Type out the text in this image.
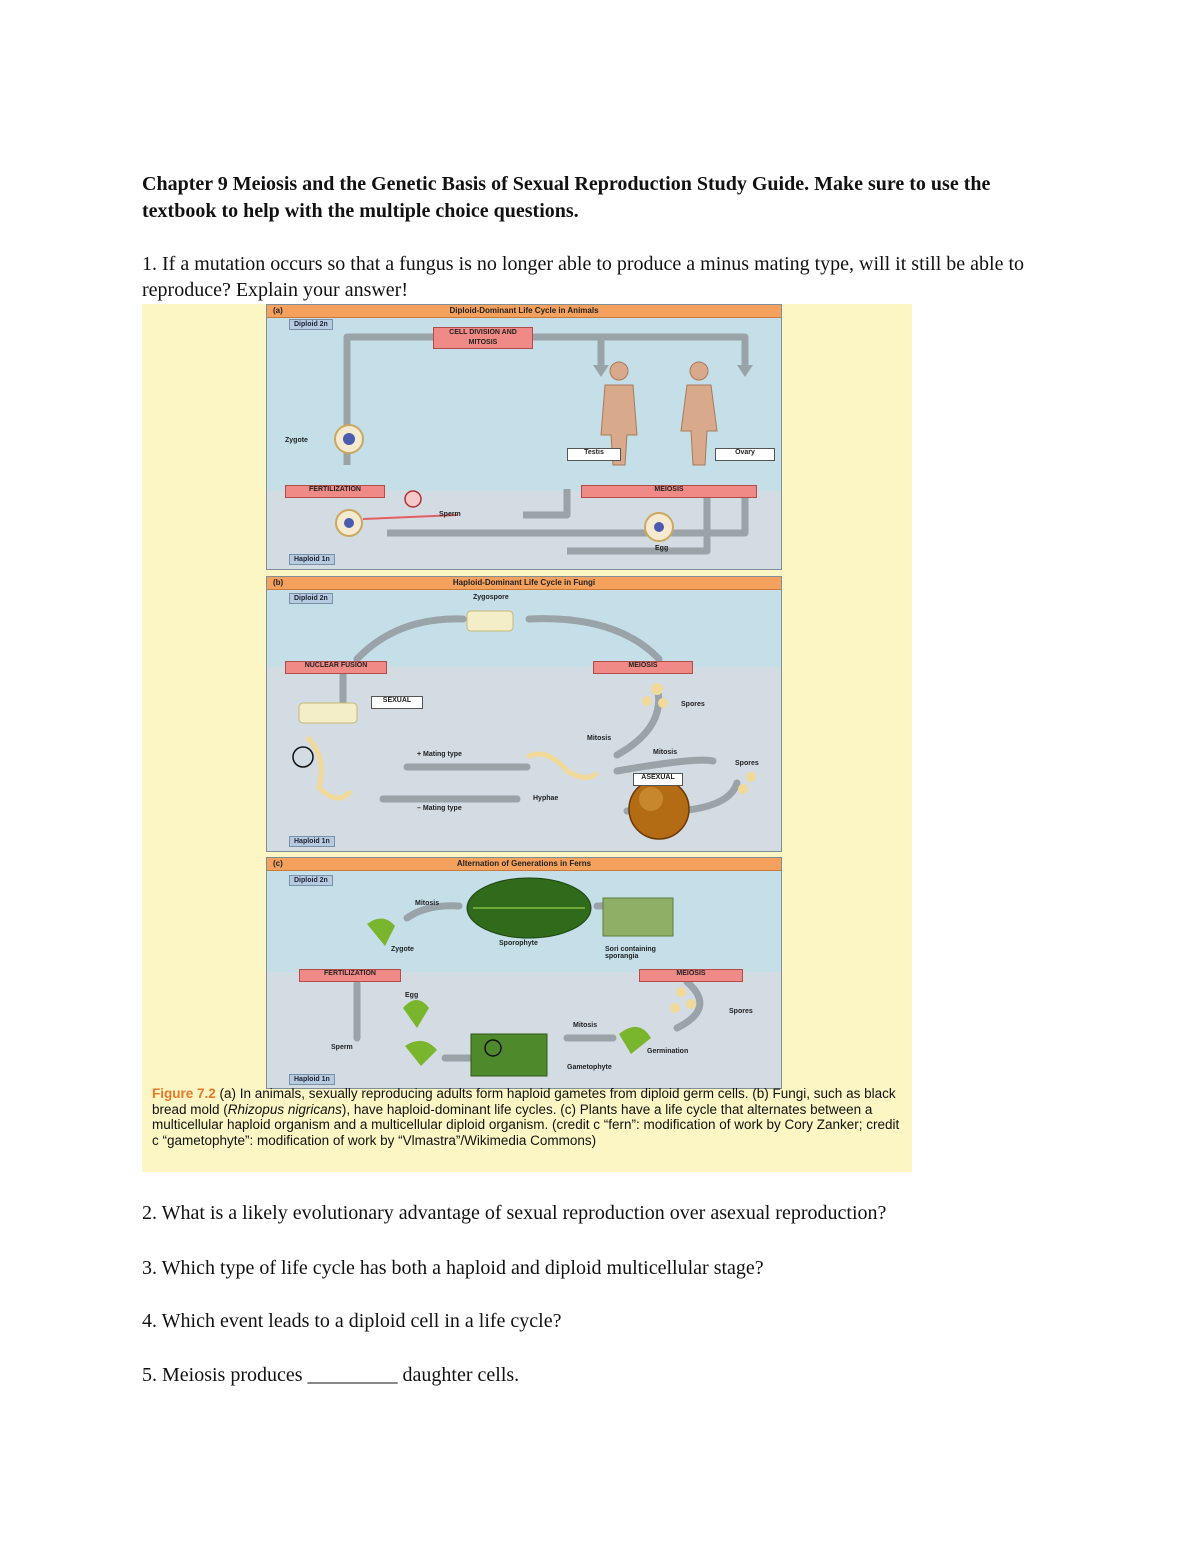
Chapter 9 Meiosis and the Genetic Basis of Sexual Reproduction Study Guide. Make sure to use the textbook to help with the multiple choice questions.
1. If a mutation occurs so that a fungus is no longer able to produce a minus mating type, will it still be able to reproduce? Explain your answer!
(a)	Diploid-Dominant Life Cycle in Animals
Diploid 2n
Haploid 1n
CELL DIVISION AND MITOSIS
Zygote
Testis	Ovary
FERTILIZATION	MEIOSIS
Sperm
Egg
(b)	Haploid-Dominant Life Cycle in Fungi
Diploid 2n
Haploid 1n
Zygospore
NUCLEAR FUSION	MEIOSIS
SEXUAL
Spores
Mitosis
Mitosis
+ Mating type
Spores
ASEXUAL
Hyphae
– Mating type
(c)	Alternation of Generations in Ferns
Diploid 2n
Haploid 1n
Mitosis
Zygote
Sporophyte
Sori containing sporangia
FERTILIZATION	MEIOSIS
Egg
Spores
Mitosis
Sperm
Germination
Gametophyte
Figure 7.2 (a) In animals, sexually reproducing adults form haploid gametes from diploid germ cells. (b) Fungi, such as black bread mold (Rhizopus nigricans), have haploid-dominant life cycles. (c) Plants have a life cycle that alternates between a multicellular haploid organism and a multicellular diploid organism. (credit c “fern”: modification of work by Cory Zanker; credit c “gametophyte”: modification of work by “Vlmastra”/Wikimedia Commons)
2. What is a likely evolutionary advantage of sexual reproduction over asexual reproduction?
3. Which type of life cycle has both a haploid and diploid multicellular stage?
4. Which event leads to a diploid cell in a life cycle?
5. Meiosis produces _________ daughter cells.
